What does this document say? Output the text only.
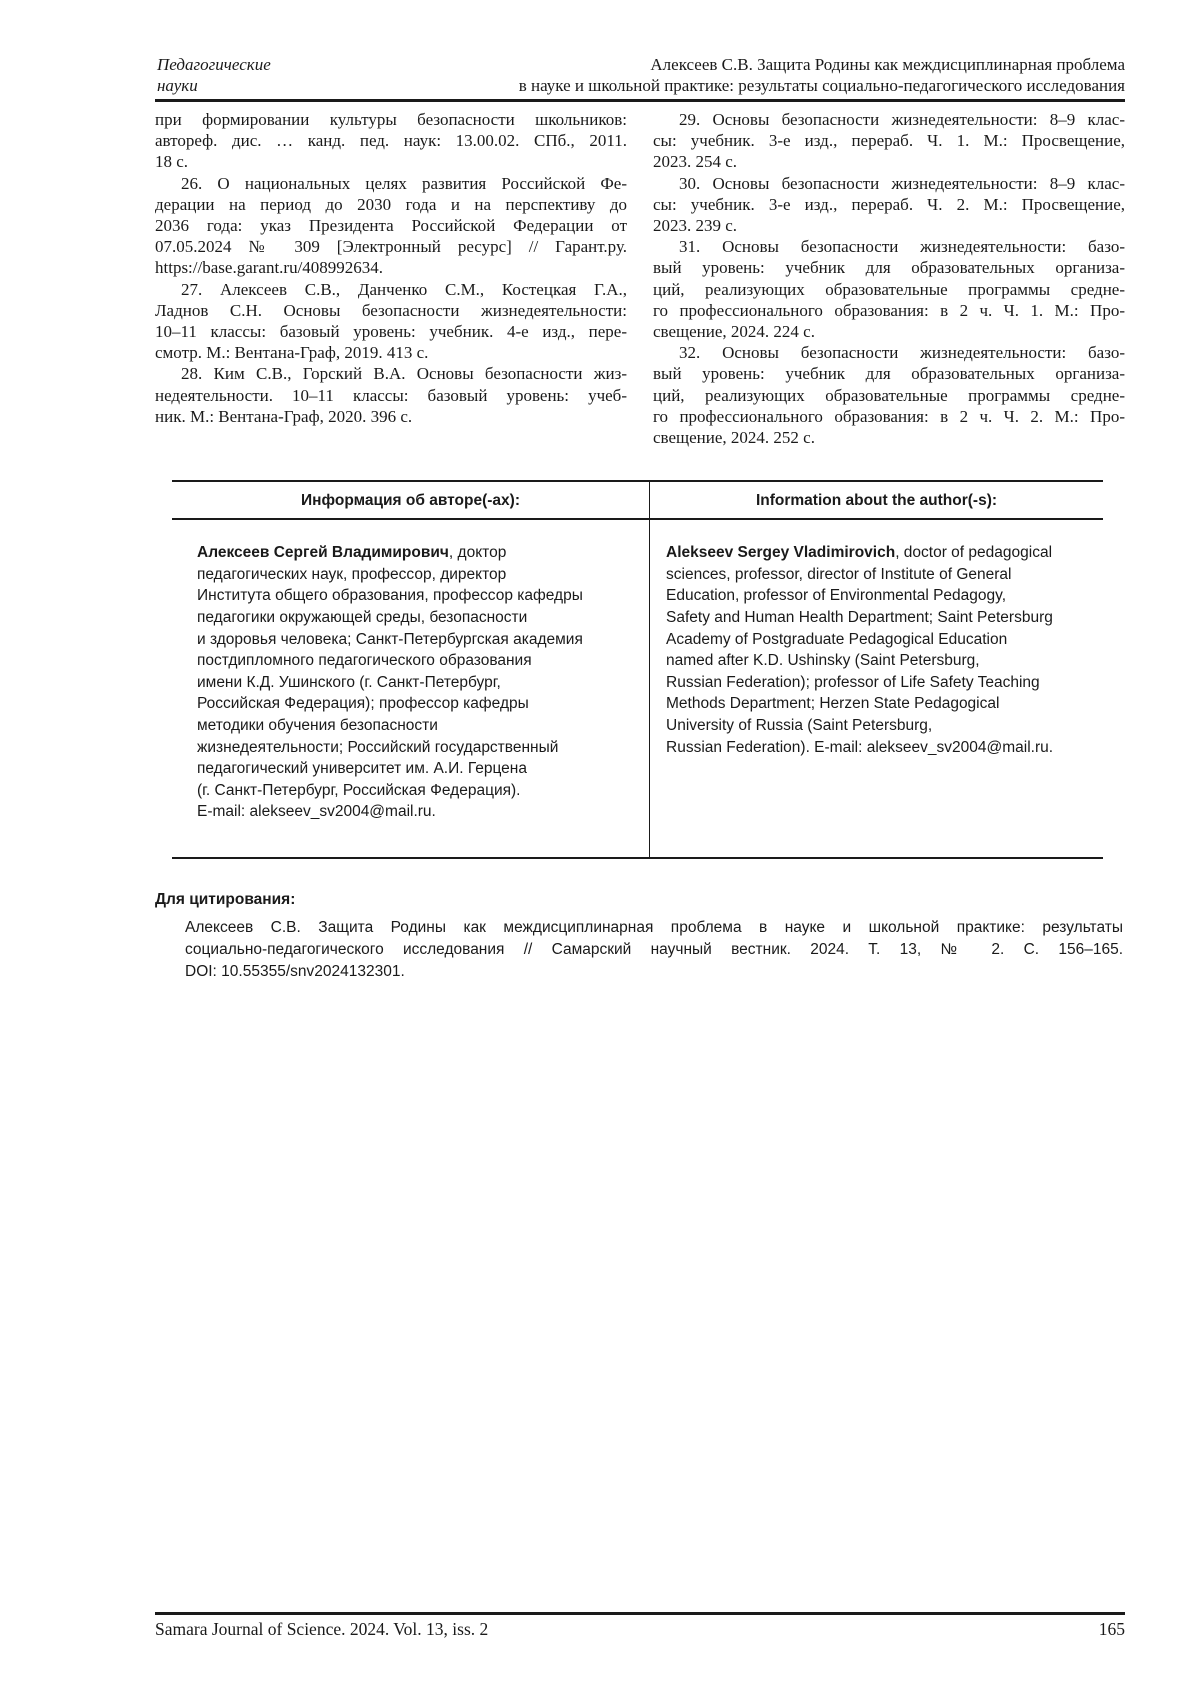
Педагогические
науки
Алексеев С.В. Защита Родины как междисциплинарная проблема
в науке и школьной практике: результаты социально-педагогического исследования
при формировании культуры безопасности школьников:
автореф. дис. … канд. пед. наук: 13.00.02. СПб., 2011.
18 с.
26. О национальных целях развития Российской Фе-
дерации на период до 2030 года и на перспективу до
2036 года: указ Президента Российской Федерации от
07.05.2024 № 309 [Электронный ресурс] // Гарант.ру.
https://base.garant.ru/408992634.
27. Алексеев С.В., Данченко С.М., Костецкая Г.А.,
Ладнов С.Н. Основы безопасности жизнедеятельности:
10–11 классы: базовый уровень: учебник. 4-е изд., пере-
смотр. М.: Вентана-Граф, 2019. 413 с.
28. Ким С.В., Горский В.А. Основы безопасности жиз-
недеятельности. 10–11 классы: базовый уровень: учеб-
ник. М.: Вентана-Граф, 2020. 396 с.
29. Основы безопасности жизнедеятельности: 8–9 клас-
сы: учебник. 3-е изд., перераб. Ч. 1. М.: Просвещение,
2023. 254 с.
30. Основы безопасности жизнедеятельности: 8–9 клас-
сы: учебник. 3-е изд., перераб. Ч. 2. М.: Просвещение,
2023. 239 с.
31. Основы безопасности жизнедеятельности: базо-
вый уровень: учебник для образовательных организа-
ций, реализующих образовательные программы средне-
го профессионального образования: в 2 ч. Ч. 1. М.: Про-
свещение, 2024. 224 с.
32. Основы безопасности жизнедеятельности: базо-
вый уровень: учебник для образовательных организа-
ций, реализующих образовательные программы средне-
го профессионального образования: в 2 ч. Ч. 2. М.: Про-
свещение, 2024. 252 с.
Информация об авторе(-ах):	Information about the author(-s):
Алексеев Сергей Владимирович, доктор
педагогических наук, профессор, директор
Института общего образования, профессор кафедры
педагогики окружающей среды, безопасности
и здоровья человека; Санкт-Петербургская академия
постдипломного педагогического образования
имени К.Д. Ушинского (г. Санкт-Петербург,
Российская Федерация); профессор кафедры
методики обучения безопасности
жизнедеятельности; Российский государственный
педагогический университет им. А.И. Герцена
(г. Санкт-Петербург, Российская Федерация).
E-mail: alekseev_sv2004@mail.ru.
Alekseev Sergey Vladimirovich, doctor of pedagogical
sciences, professor, director of Institute of General
Education, professor of Environmental Pedagogy,
Safety and Human Health Department; Saint Petersburg
Academy of Postgraduate Pedagogical Education
named after K.D. Ushinsky (Saint Petersburg,
Russian Federation); professor of Life Safety Teaching
Methods Department; Herzen State Pedagogical
University of Russia (Saint Petersburg,
Russian Federation). E-mail: alekseev_sv2004@mail.ru.
Для цитирования:
Алексеев С.В. Защита Родины как междисциплинарная проблема в науке и школьной практике: результаты
социально-педагогического исследования // Самарский научный вестник. 2024. Т. 13, № 2. С. 156–165.
DOI: 10.55355/snv2024132301.
Samara Journal of Science. 2024. Vol. 13, iss. 2	165
